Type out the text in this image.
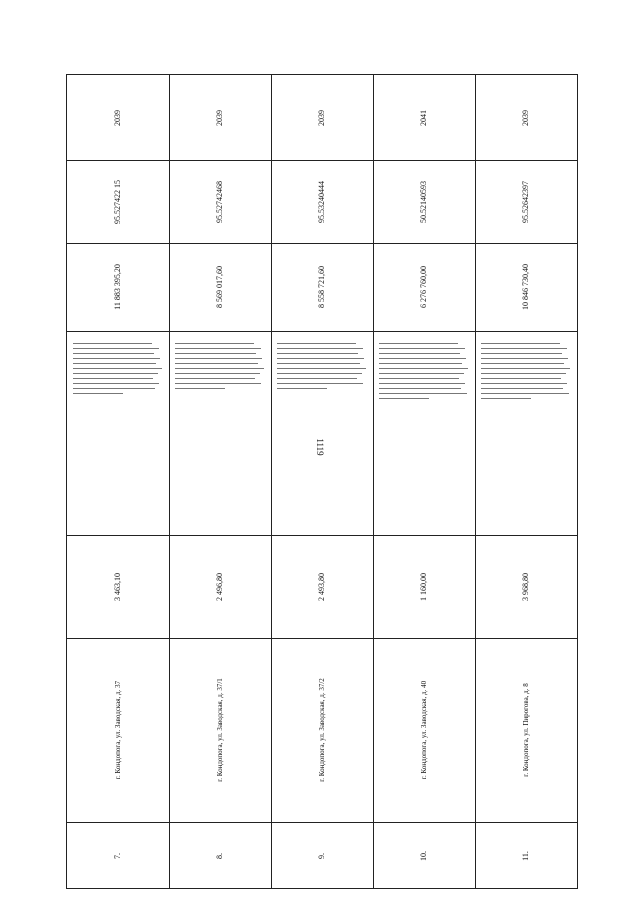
1119
2039
95.527422 15
11 883 395,20
3 463,10
г. Кондопога, ул. Заводская, д. 37
7.
2039
95.52742468
8 569 017,60
2 496,80
г. Кондопога, ул. Заводская, д. 37/1
8.
2039
95.53240444
8 558 721,60
2 493,80
г. Кондопога, ул. Заводская, д. 37/2
9.
2041
50.52140593
6 276 760,00
1 160,00
г. Кондопога, ул. Заводская, д. 40
10.
2039
95.52642397
10 846 730,40
3 968,80
г. Кондопога, ул. Пирогова, д. 8
11.
